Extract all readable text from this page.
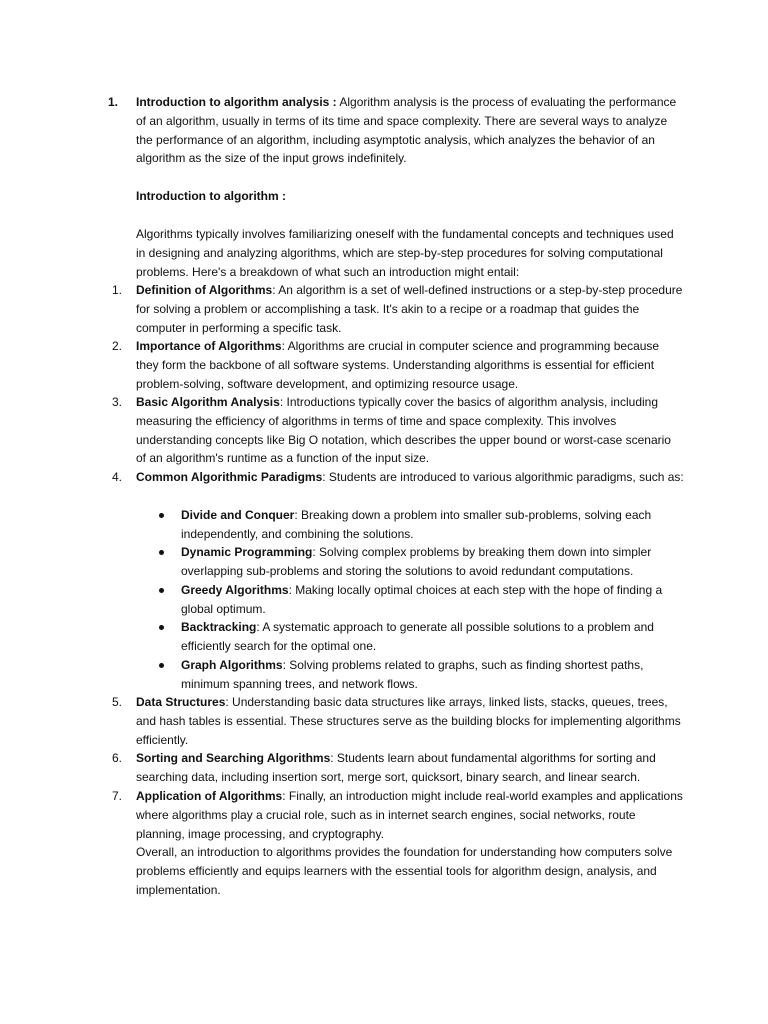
1. Introduction to algorithm analysis : Algorithm analysis is the process of evaluating the performance of an algorithm, usually in terms of its time and space complexity. There are several ways to analyze the performance of an algorithm, including asymptotic analysis, which analyzes the behavior of an algorithm as the size of the input grows indefinitely.
Introduction to algorithm :
Algorithms typically involves familiarizing oneself with the fundamental concepts and techniques used in designing and analyzing algorithms, which are step-by-step procedures for solving computational problems. Here's a breakdown of what such an introduction might entail:
1. Definition of Algorithms: An algorithm is a set of well-defined instructions or a step-by-step procedure for solving a problem or accomplishing a task. It's akin to a recipe or a roadmap that guides the computer in performing a specific task.
2. Importance of Algorithms: Algorithms are crucial in computer science and programming because they form the backbone of all software systems. Understanding algorithms is essential for efficient problem-solving, software development, and optimizing resource usage.
3. Basic Algorithm Analysis: Introductions typically cover the basics of algorithm analysis, including measuring the efficiency of algorithms in terms of time and space complexity. This involves understanding concepts like Big O notation, which describes the upper bound or worst-case scenario of an algorithm's runtime as a function of the input size.
4. Common Algorithmic Paradigms: Students are introduced to various algorithmic paradigms, such as:
Divide and Conquer: Breaking down a problem into smaller sub-problems, solving each independently, and combining the solutions.
Dynamic Programming: Solving complex problems by breaking them down into simpler overlapping sub-problems and storing the solutions to avoid redundant computations.
Greedy Algorithms: Making locally optimal choices at each step with the hope of finding a global optimum.
Backtracking: A systematic approach to generate all possible solutions to a problem and efficiently search for the optimal one.
Graph Algorithms: Solving problems related to graphs, such as finding shortest paths, minimum spanning trees, and network flows.
5. Data Structures: Understanding basic data structures like arrays, linked lists, stacks, queues, trees, and hash tables is essential. These structures serve as the building blocks for implementing algorithms efficiently.
6. Sorting and Searching Algorithms: Students learn about fundamental algorithms for sorting and searching data, including insertion sort, merge sort, quicksort, binary search, and linear search.
7. Application of Algorithms: Finally, an introduction might include real-world examples and applications where algorithms play a crucial role, such as in internet search engines, social networks, route planning, image processing, and cryptography.
Overall, an introduction to algorithms provides the foundation for understanding how computers solve problems efficiently and equips learners with the essential tools for algorithm design, analysis, and implementation.
